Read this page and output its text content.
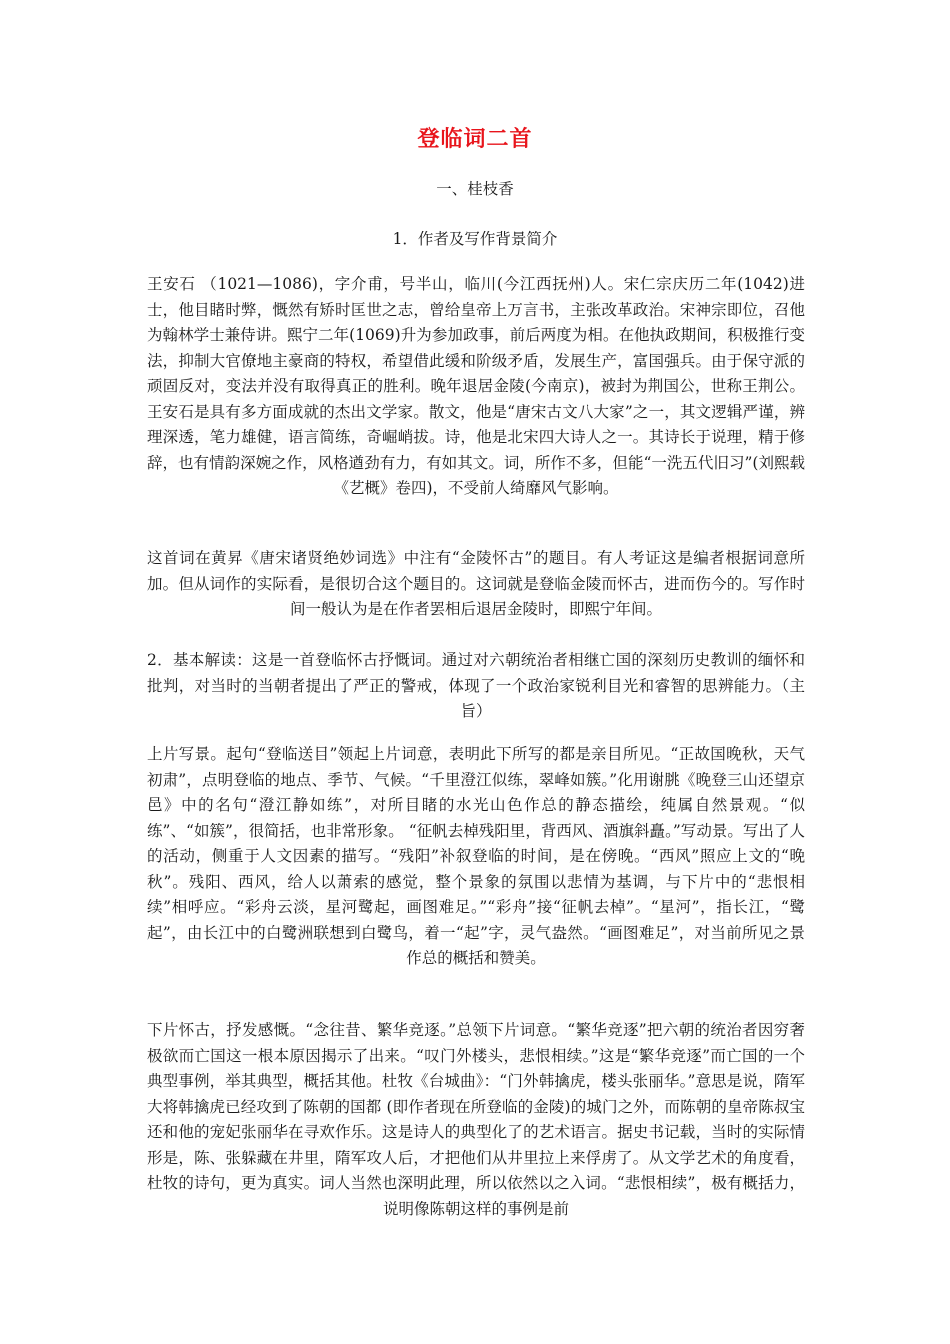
登临词二首
一、桂枝香
1．作者及写作背景简介
王安石 （1021—1086)，字介甫，号半山，临川(今江西抚州)人。宋仁宗庆历二年(1042)进士，他目睹时弊，慨然有矫时匡世之志，曾给皇帝上万言书，主张改革政治。宋神宗即位，召他为翰林学士兼侍讲。熙宁二年(1069)升为参加政事，前后两度为相。在他执政期间，积极推行变法，抑制大官僚地主豪商的特权，希望借此缓和阶级矛盾，发展生产，富国强兵。由于保守派的顽固反对，变法并没有取得真正的胜利。晚年退居金陵(今南京)，被封为荆国公，世称王荆公。王安石是具有多方面成就的杰出文学家。散文，他是“唐宋古文八大家”之一，其文逻辑严谨，辨理深透，笔力雄健，语言简练，奇崛峭拔。诗，他是北宋四大诗人之一。其诗长于说理，精于修辞，也有情韵深婉之作，风格遒劲有力，有如其文。词，所作不多，但能“一洗五代旧习”(刘熙载《艺概》卷四)，不受前人绮靡风气影响。
这首词在黄昇《唐宋诸贤绝妙词选》中注有“金陵怀古”的题目。有人考证这是编者根据词意所加。但从词作的实际看，是很切合这个题目的。这词就是登临金陵而怀古，进而伤今的。写作时间一般认为是在作者罢相后退居金陵时，即熙宁年间。
2．基本解读：这是一首登临怀古抒慨词。通过对六朝统治者相继亡国的深刻历史教训的缅怀和批判，对当时的当朝者提出了严正的警戒，体现了一个政治家锐利目光和睿智的思辨能力。（主旨）
上片写景。起句“登临送目”领起上片词意，表明此下所写的都是亲目所见。“正故国晚秋，天气初肃”，点明登临的地点、季节、气候。“千里澄江似练，翠峰如簇。”化用谢朓《晚登三山还望京邑》中的名句“澄江静如练”，对所目睹的水光山色作总的静态描绘，纯属自然景观。“似练”、“如簇”，很简括，也非常形象。 “征帆去棹残阳里，背西风、酒旗斜矗。”写动景。写出了人的活动，侧重于人文因素的描写。“残阳”补叙登临的时间，是在傍晚。“西风”照应上文的“晚秋”。残阳、西风，给人以萧索的感觉，整个景象的氛围以悲情为基调，与下片中的“悲恨相续”相呼应。“彩舟云淡，星河鹭起，画图难足。”“彩舟”接“征帆去棹”。“星河”，指长江，“鹭起”，由长江中的白鹭洲联想到白鹭鸟，着一“起”字，灵气盎然。“画图难足”，对当前所见之景作总的概括和赞美。
下片怀古，抒发感慨。“念往昔、繁华竞逐。”总领下片词意。“繁华竞逐”把六朝的统治者因穷奢极欲而亡国这一根本原因揭示了出来。“叹门外楼头，悲恨相续。”这是“繁华竞逐”而亡国的一个典型事例，举其典型，概括其他。杜牧《台城曲》：“门外韩擒虎，楼头张丽华。”意思是说，隋军大将韩擒虎已经攻到了陈朝的国都 (即作者现在所登临的金陵)的城门之外，而陈朝的皇帝陈叔宝还和他的宠妃张丽华在寻欢作乐。这是诗人的典型化了的艺术语言。据史书记载，当时的实际情形是，陈、张躲藏在井里，隋军攻人后，才把他们从井里拉上来俘虏了。从文学艺术的角度看，杜牧的诗句，更为真实。词人当然也深明此理，所以依然以之入词。“悲恨相续”，极有概括力，说明像陈朝这样的事例是前
